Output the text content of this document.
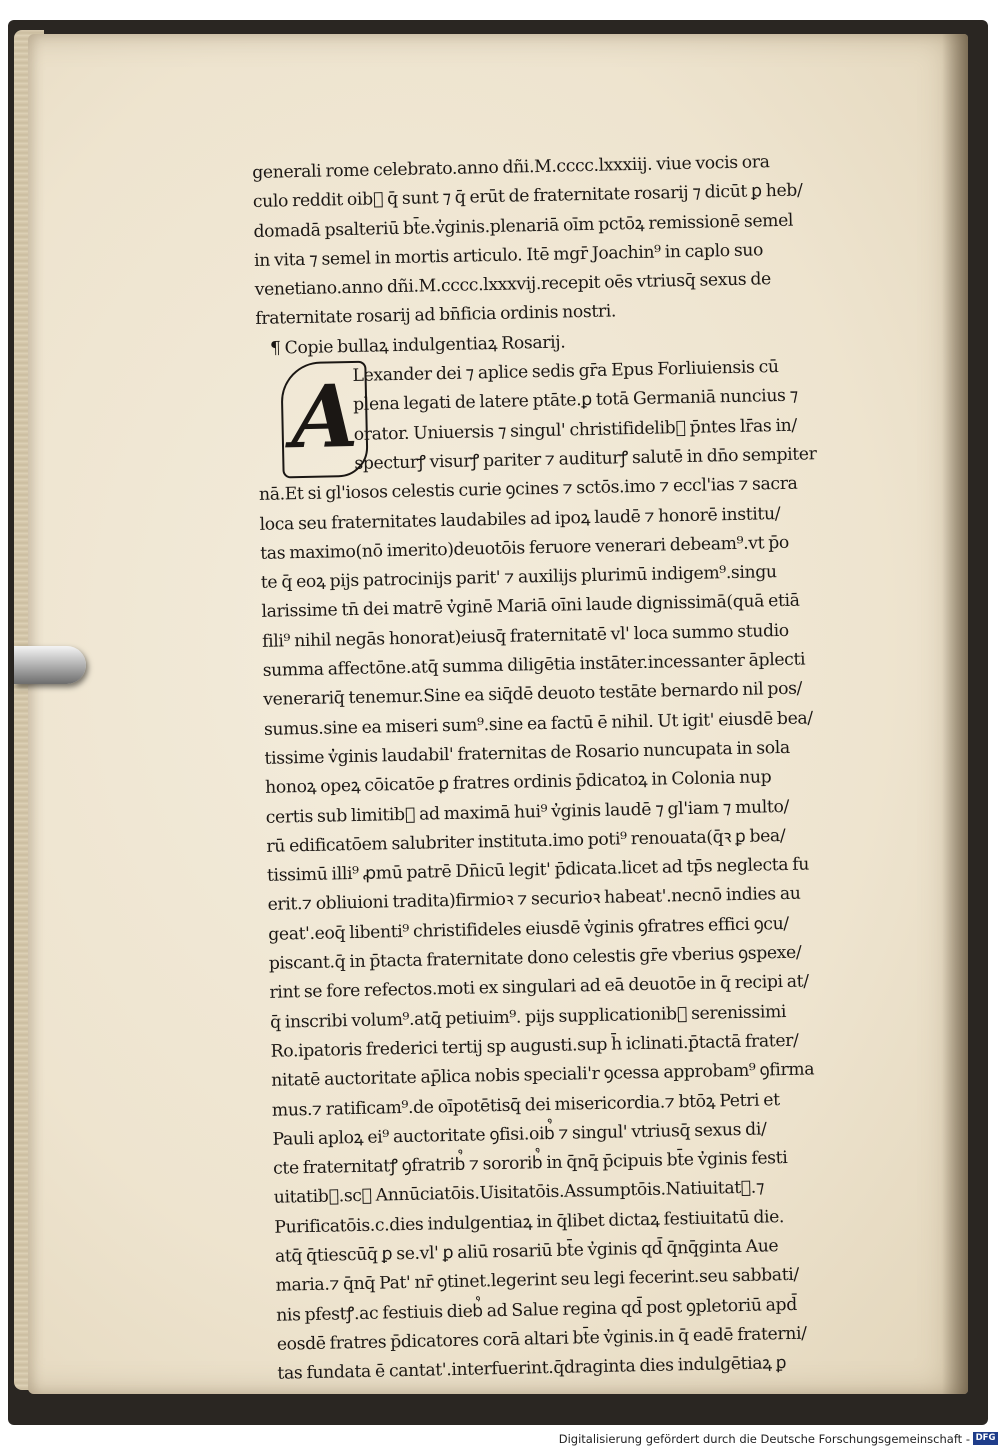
A
generali rome celebrato.anno dñi.M.cccc.lxxxiij. viue vocis ora
culo reddit oib᷒ q̄ sunt ⁊ q̄ erūt de fraternitate rosarij ⁊ dicūt ꝑ heb/
domadā psalteriū bt̄e.v̓ginis.plenariā oīm pctōꝝ remissionē semel
in vita ⁊ semel in mortis articulo. Itē mgr̄ Joachin⁹ in caplo suo
venetiano.anno dñi.M.cccc.lxxxvij.recepit oēs vtriusq̄ sexus de
fraternitate rosarij ad bn̄ficia ordinis nostri.
¶ Copie bullaꝝ indulgentiaꝝ Rosarij.
Lexander dei ⁊ aplice sedis gr̄a Epus Forliuiensis cū
plena legati de latere ptāte.ꝑ totā Germaniā nuncius ⁊
orator. Uniuersis ⁊ singul' christifidelib᷒ p̄ntes lr̄as in/
specturꝭ visurꝭ pariter ⁊ auditurꝭ salutē in dn̄o sempiter
nā.Et si gl'iosos celestis curie ꝯcines ⁊ sctōs.imo ⁊ eccl'ias ⁊ sacra
loca seu fraternitates laudabiles ad ipoꝝ laudē ⁊ honorē institu/
tas maximo(nō imerito)deuotōis feruore venerari debeam⁹.vt p̄o
te q̄ eoꝝ pijs patrocinijs parit' ⁊ auxilijs plurimū indigem⁹.singu
larissime tn̄ dei matrē v̓ginē Mariā oīni laude dignissimā(quā etiā
fili⁹ nihil negās honorat)eiusq̄ fraternitatē vl' loca summo studio
summa affectōne.atq̄ summa diligētia instāter.incessanter āplecti
venerariq̄ tenemur.Sine ea siq̄dē deuoto testāte bernardo nil pos/
sumus.sine ea miseri sum⁹.sine ea factū ē nihil. Ut igit' eiusdē bea/
tissime v̓ginis laudabil' fraternitas de Rosario nuncupata in sola
honoꝝ opeꝝ cōicatōe ꝑ fratres ordinis p̄dicatoꝝ in Colonia nup
certis sub limitib᷒ ad maximā hui⁹ v̓ginis laudē ⁊ gl'iam ⁊ multo/
rū edificatōem salubriter instituta.imo poti⁹ renouata(q̄ꝛ ꝑ bea/
tissimū illi⁹ ꝓmū patrē Dn̄icū legit' p̄dicata.licet ad tp̄s neglecta fu
erit.⁊ obliuioni tradita)firmioꝛ ⁊ securioꝛ habeat'.necnō indies au
geat'.eoq̄ libenti⁹ christifideles eiusdē v̓ginis ꝯfratres effici ꝯcu/
piscant.q̄ in p̄tacta fraternitate dono celestis gr̄e vberius ꝯspexe/
rint se fore refectos.moti ex singulari ad eā deuotōe in q̄ recipi at/
q̄ inscribi volum⁹.atq̄ petiuim⁹. pijs supplicationib᷒ serenissimi
Ro.ipatoris frederici tertij sp augusti.sup h̄ iclinati.p̄tactā frater/
nitatē auctoritate ap̄lica nobis speciali'r ꝯcessa approbam⁹ ꝯfirma
mus.⁊ ratificam⁹.de oīpotētisq̄ dei misericordia.⁊ btōꝝ Petri et
Pauli aploꝝ ei⁹ auctoritate ꝯfisi.oib᷒ ⁊ singul' vtriusq̄ sexus di/
cte fraternitatꝭ ꝯfratrib᷒ ⁊ sororib᷒ in q̄nq̄ p̄cipuis bt̄e v̓ginis festi
uitatib᷒.scꝫ Annūciatōis.Uisitatōis.Assumptōis.Natiuitatꝭ.⁊
Purificatōis.c.dies indulgentiaꝝ in q̄libet dictaꝝ festiuitatū die.
atq̄ q̄tiescūq̄ ꝑ se.vl' ꝑ aliū rosariū bt̄e v̓ginis qd̄ q̄nq̄ginta Aue
maria.⁊ q̄nq̄ Pat' nr̄ ꝯtinet.legerint seu legi fecerint.seu sabbati/
nis pfestꝭ.ac festiuis dieb᷒ ad Salue regina qd̄ post ꝯpletoriū apd̄
eosdē fratres p̄dicatores corā altari bt̄e v̓ginis.in q̄ eadē fraterni/
tas fundata ē cantat'.interfuerint.q̄draginta dies indulgētiaꝝ ꝑ
Digitalisierung gefördert durch die Deutsche Forschungsgemeinschaft - DFG
